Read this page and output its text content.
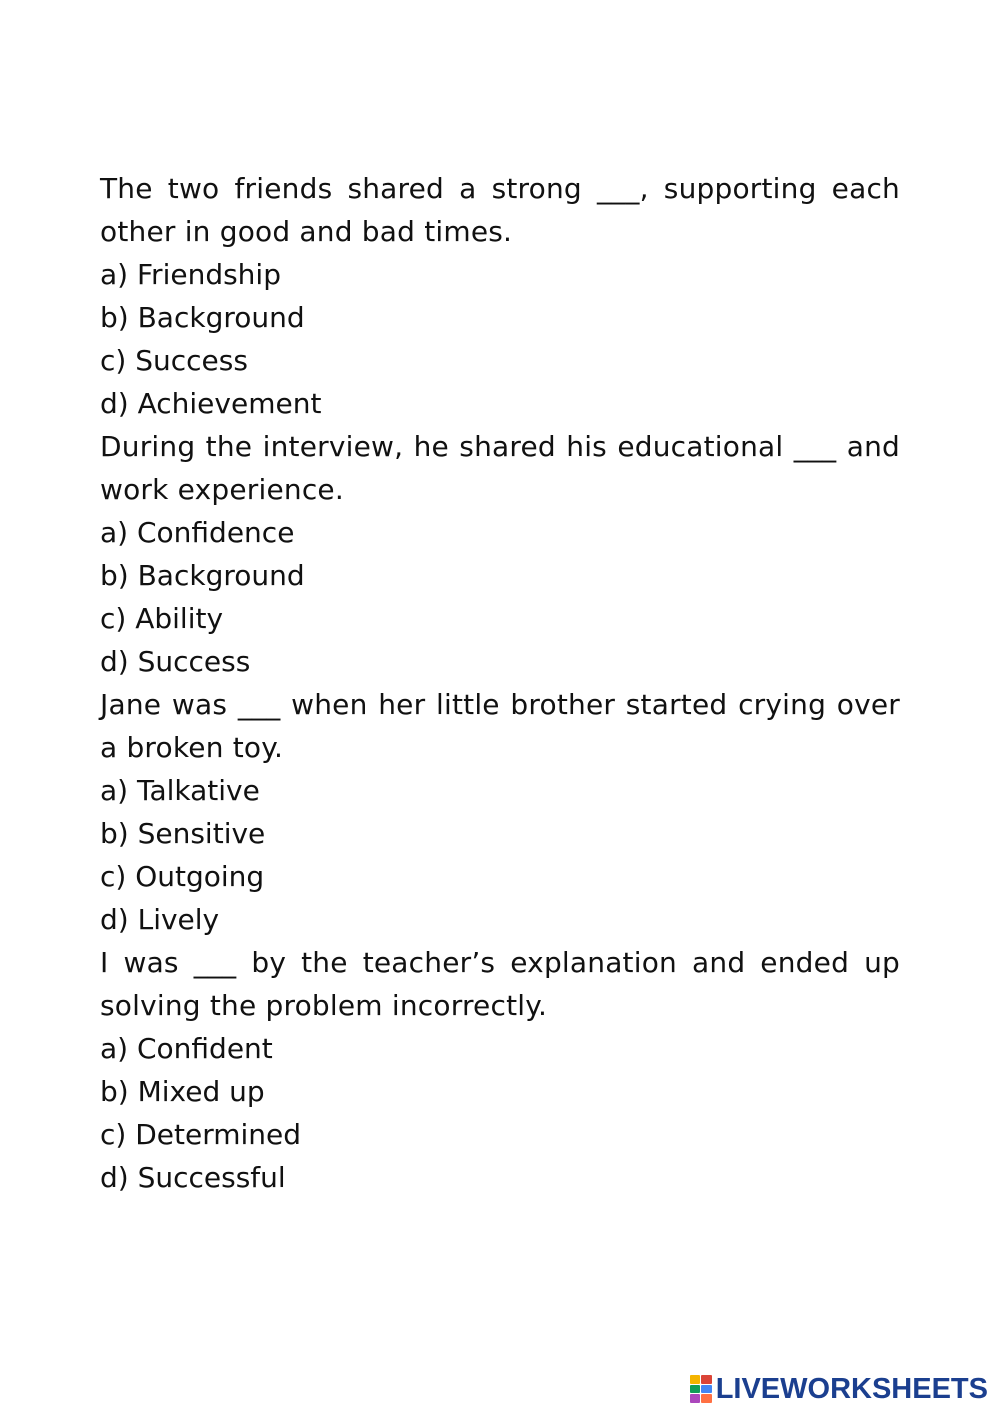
The two friends shared a strong ___, supporting each other in good and bad times.

a) Friendship

b) Background

c) Success

d) Achievement

During the interview, he shared his educational ___ and work experience.

a) Confidence

b) Background

c) Ability

d) Success

Jane was ___ when her little brother started crying over a broken toy.

a) Talkative

b) Sensitive

c) Outgoing

d) Lively

I was ___ by the teacher’s explanation and ended up solving the problem incorrectly.

a) Confident

b) Mixed up

c) Determined

d) Successful

LIVEWORKSHEETS
